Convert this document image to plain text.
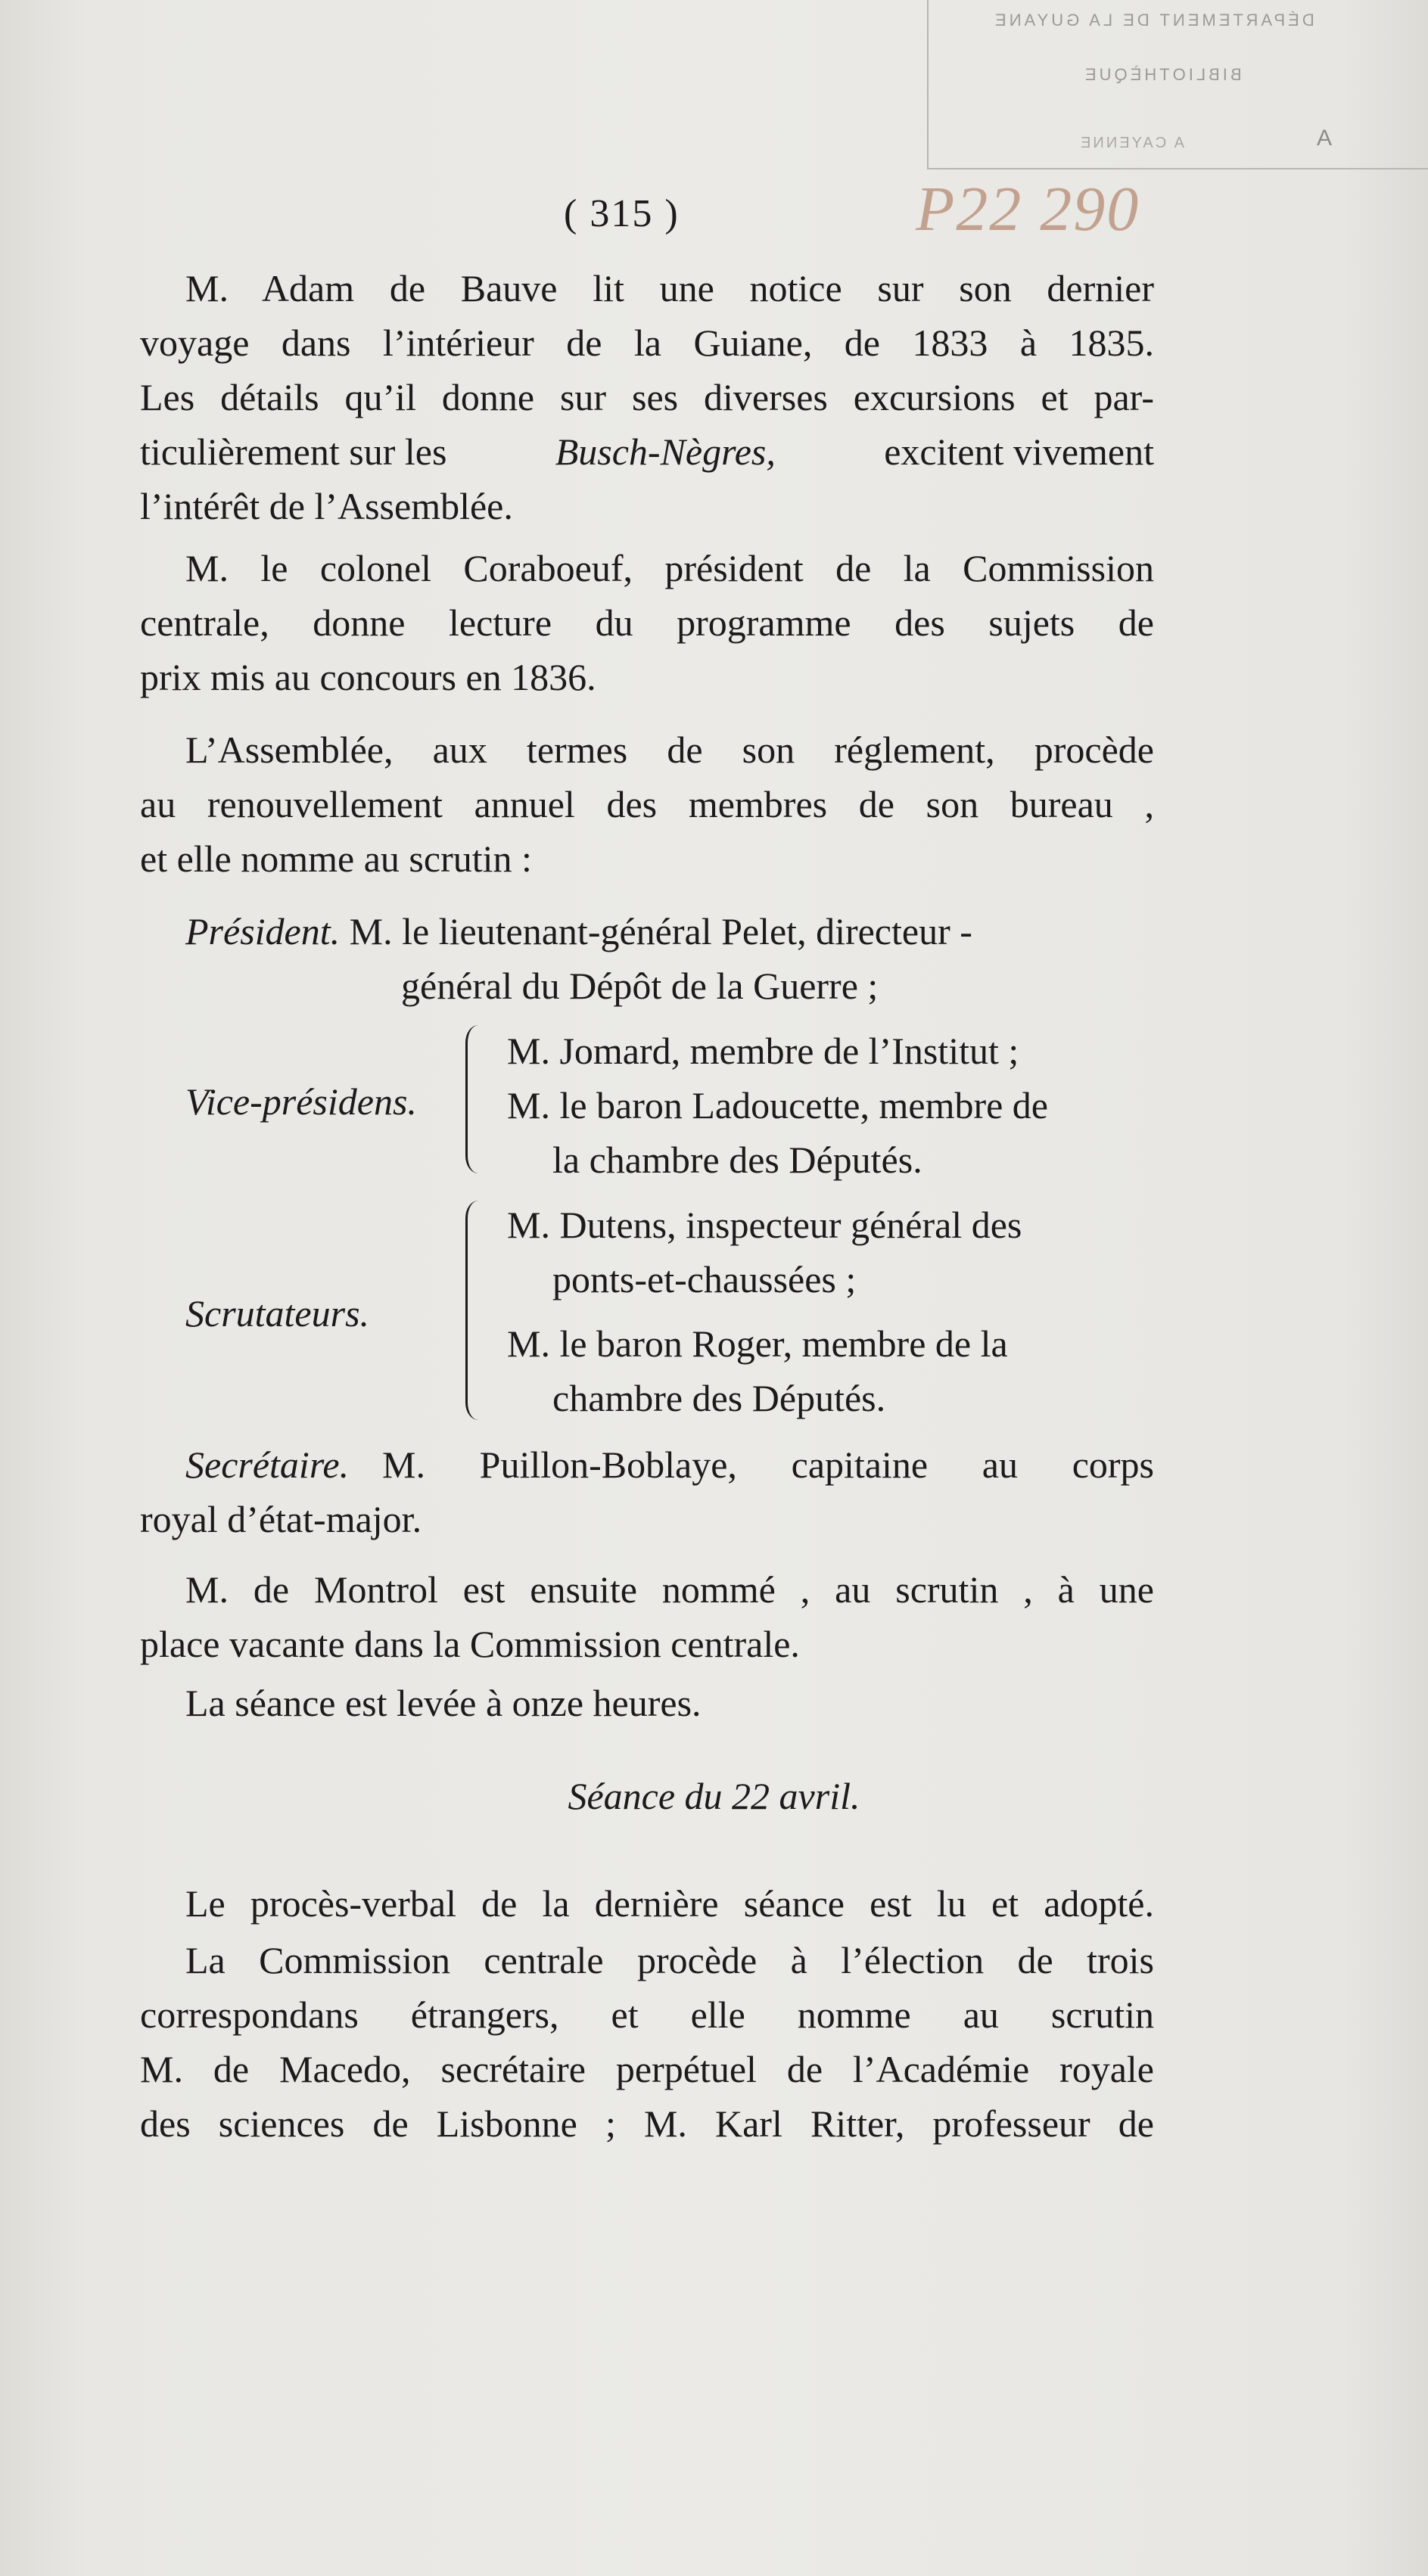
DÉPARTEMENT DE LA GUYANE
BIBLIOTHÈQUE
A CAYENNE	A
P22 290
( 315 )
M. Adam de Bauve lit une notice sur son dernier
voyage dans l’intérieur de la Guiane, de 1833 à 1835.
Les détails qu’il donne sur ses diverses excursions et par-
ticulièrement sur les	Busch-Nègres,	excitent vivement
l’intérêt de l’Assemblée.
M. le colonel Coraboeuf, président de la Commission
centrale, donne lecture du programme des sujets de
prix mis au concours en 1836.
L’Assemblée, aux termes de son réglement, procède
au renouvellement annuel des membres de son bureau ,
et elle nomme au scrutin :
Président. M. le lieutenant-général Pelet, directeur -
général du Dépôt de la Guerre ;
Vice-présidens.
M. Jomard, membre de l’Institut ;
M. le baron Ladoucette, membre de
la chambre des Députés.
Scrutateurs.
M. Dutens, inspecteur général des
ponts-et-chaussées ;
M. le baron Roger, membre de la
chambre des Députés.
Secrétaire. M. Puillon-Boblaye, capitaine au corps
royal d’état-major.
M. de Montrol est ensuite nommé , au scrutin , à une
place vacante dans la Commission centrale.
La séance est levée à onze heures.
Séance du 22 avril.
Le procès-verbal de la dernière séance est lu et adopté.
La Commission centrale procède à l’élection de trois
correspondans étrangers, et elle nomme au scrutin
M. de Macedo, secrétaire perpétuel de l’Académie royale
des sciences de Lisbonne ; M. Karl Ritter, professeur de
